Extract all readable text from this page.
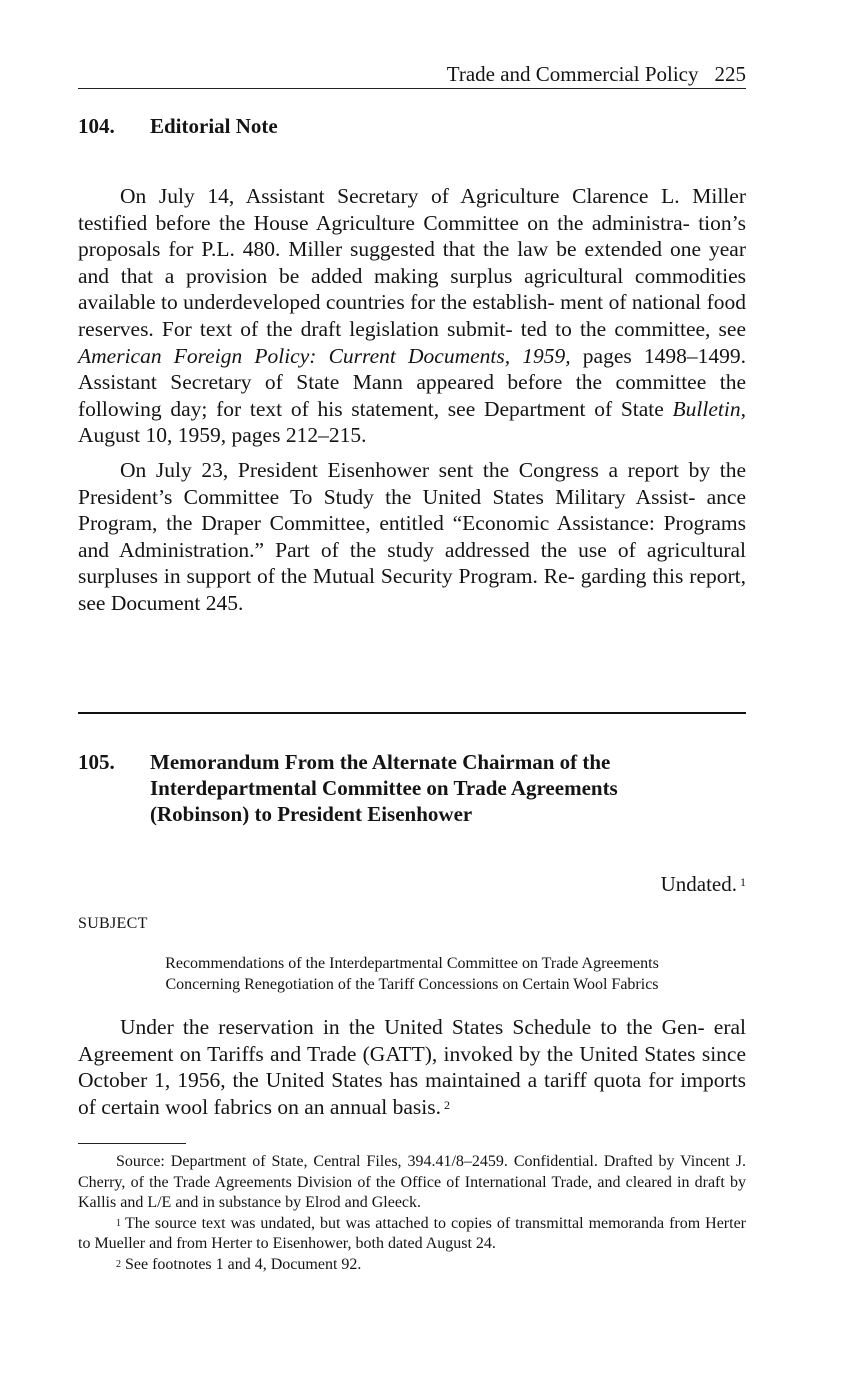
Trade and Commercial Policy 225
104. Editorial Note

On July 14, Assistant Secretary of Agriculture Clarence L. Miller testified before the House Agriculture Committee on the administra- tion’s proposals for P.L. 480. Miller suggested that the law be extended one year and that a provision be added making surplus agricultural commodities available to underdeveloped countries for the establish- ment of national food reserves. For text of the draft legislation submit- ted to the committee, see American Foreign Policy: Current Documents, 1959, pages 1498–1499. Assistant Secretary of State Mann appeared before the committee the following day; for text of his statement, see Department of State Bulletin, August 10, 1959, pages 212–215.

On July 23, President Eisenhower sent the Congress a report by the President’s Committee To Study the United States Military Assist- ance Program, the Draper Committee, entitled “Economic Assistance: Programs and Administration.” Part of the study addressed the use of agricultural surpluses in support of the Mutual Security Program. Re- garding this report, see Document 245.

105. Memorandum From the Alternate Chairman of the
Interdepartmental Committee on Trade Agreements
(Robinson) to President Eisenhower
Undated. $^1$
SUBJECT
Recommendations of the Interdepartmental Committee on Trade Agreements
Concerning Renegotiation of the Tariff Concessions on Certain Wool Fabrics

Under the reservation in the United States Schedule to the Gen- eral Agreement on Tariffs and Trade (GATT), invoked by the United States since October 1, 1956, the United States has maintained a tariff quota for imports of certain wool fabrics on an annual basis. $^2$

Source: Department of State, Central Files, 394.41/8–2459. Confidential. Drafted by Vincent J. Cherry, of the Trade Agreements Division of the Office of International Trade, and cleared in draft by Kallis and L/E and in substance by Elrod and Gleeck.

$^1$ The source text was undated, but was attached to copies of transmittal memoranda from Herter to Mueller and from Herter to Eisenhower, both dated August 24.

$^2$ See footnotes 1 and 4, Document 92.
